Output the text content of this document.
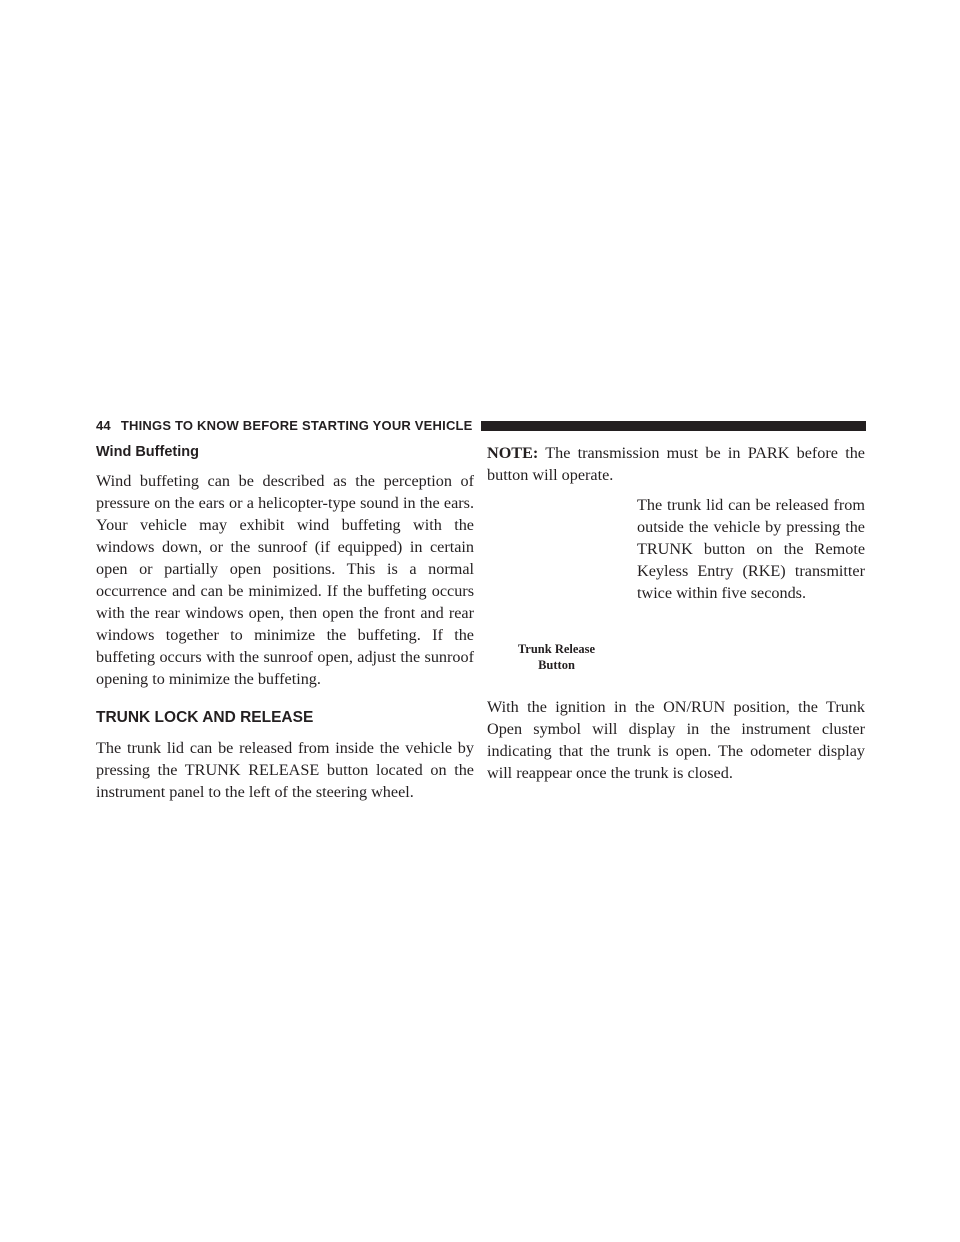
44 THINGS TO KNOW BEFORE STARTING YOUR VEHICLE
Wind Buffeting

Wind buffeting can be described as the perception of pressure on the ears or a helicopter-type sound in the ears. Your vehicle may exhibit wind buffeting with the windows down, or the sunroof (if equipped) in certain open or partially open positions. This is a normal occurrence and can be minimized. If the buffeting occurs with the rear windows open, then open the front and rear windows together to minimize the buffeting. If the buffeting occurs with the sunroof open, adjust the sunroof opening to minimize the buffeting.

TRUNK LOCK AND RELEASE

The trunk lid can be released from inside the vehicle by pressing the TRUNK RELEASE button located on the instrument panel to the left of the steering wheel.

NOTE: The transmission must be in PARK before the button will operate.

Trunk Release Button

The trunk lid can be released from outside the vehicle by pressing the TRUNK button on the Remote Keyless Entry (RKE) transmitter twice within five seconds.

With the ignition in the ON/RUN position, the Trunk Open symbol will display in the instrument cluster indicating that the trunk is open. The odometer display will reappear once the trunk is closed.
